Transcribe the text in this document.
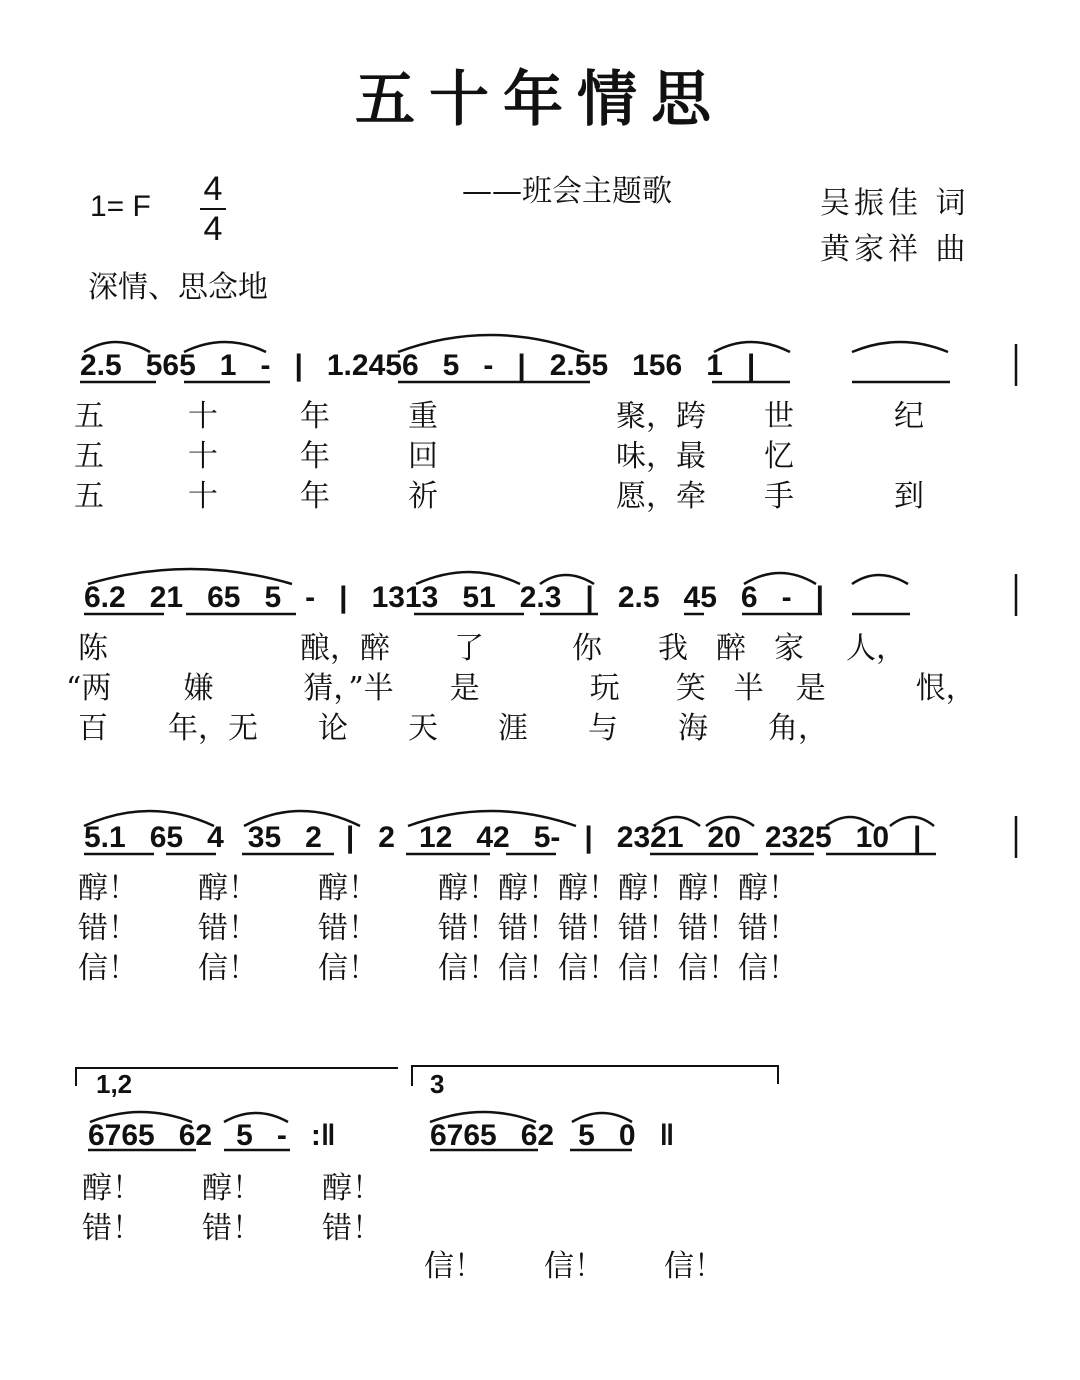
五十年情思
——班会主题歌	吴振佳 词
黄家祥 曲
1= F 4
4
深情、思念地
2.5 565 1 - | 1.2456 5 - | 2.55 156 1 |
五	十	年	重	聚，跨 世	纪
五	十	年	回	味，最 忆
五	十	年	祈	愿，牵 手	到
6.2 21 65 5 - | 1313 51 2.3 | 2.5 45 6 - |
陈	酿，醉 了	你 我 醉 家 人，
“两 嫌	猜，”半 是	玩 笑 半 是	恨，
百 年，无 论 天 涯 与 海 角，
5.1 65 4 35 2 | 2 12 42 5- | 2321 20 2325 10 |
醇！ 醇！ 醇！ 醇！醇！醇！醇！醇！醇！
错！ 错！ 错！ 错！错！错！错！错！错！
信！ 信！ 信！ 信！信！信！信！信！信！
1,2	3
6765 62 5 - :‖	6765 62 5 0 ‖
醇！ 醇！ 醇！
错！ 错！ 错！
信！ 信！ 信！
